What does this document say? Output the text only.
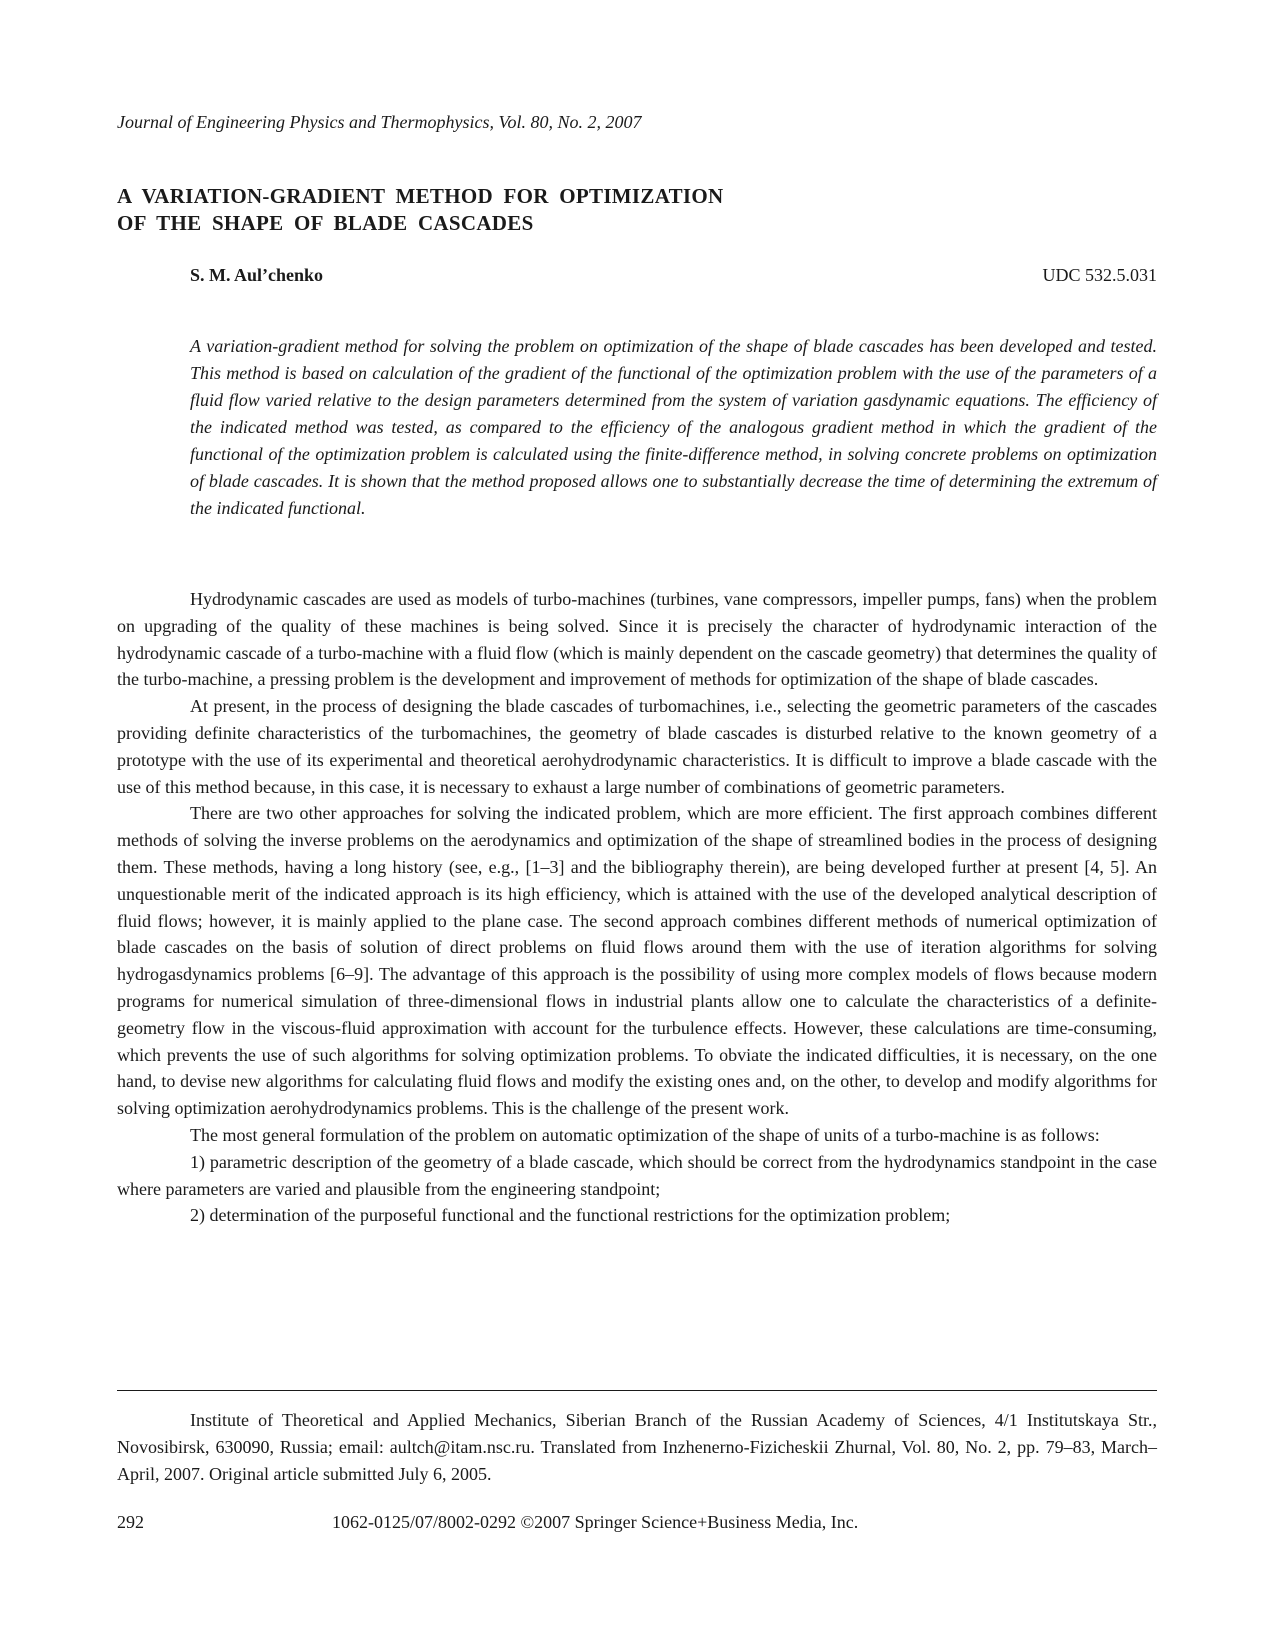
Journal of Engineering Physics and Thermophysics, Vol. 80, No. 2, 2007
A VARIATION-GRADIENT METHOD FOR OPTIMIZATION
OF THE SHAPE OF BLADE CASCADES
S. M. Aul’chenko	UDC 532.5.031

A variation-gradient method for solving the problem on optimization of the shape of blade cascades has been developed and tested. This method is based on calculation of the gradient of the functional of the optimization problem with the use of the parameters of a fluid flow varied relative to the design parameters determined from the system of variation gasdynamic equations. The efficiency of the indicated method was tested, as compared to the efficiency of the analogous gradient method in which the gradient of the functional of the optimization problem is calculated using the finite-difference method, in solving concrete problems on optimization of blade cascades. It is shown that the method proposed allows one to substantially decrease the time of determining the extremum of the indicated functional.

Hydrodynamic cascades are used as models of turbo-machines (turbines, vane compressors, impeller pumps, fans) when the problem on upgrading of the quality of these machines is being solved. Since it is precisely the character of hydrodynamic interaction of the hydrodynamic cascade of a turbo-machine with a fluid flow (which is mainly dependent on the cascade geometry) that determines the quality of the turbo-machine, a pressing problem is the development and improvement of methods for optimization of the shape of blade cascades.

At present, in the process of designing the blade cascades of turbomachines, i.e., selecting the geometric parameters of the cascades providing definite characteristics of the turbomachines, the geometry of blade cascades is disturbed relative to the known geometry of a prototype with the use of its experimental and theoretical aerohydrodynamic characteristics. It is difficult to improve a blade cascade with the use of this method because, in this case, it is necessary to exhaust a large number of combinations of geometric parameters.

There are two other approaches for solving the indicated problem, which are more efficient. The first approach combines different methods of solving the inverse problems on the aerodynamics and optimization of the shape of streamlined bodies in the process of designing them. These methods, having a long history (see, e.g., [1–3] and the bibliography therein), are being developed further at present [4, 5]. An unquestionable merit of the indicated approach is its high efficiency, which is attained with the use of the developed analytical description of fluid flows; however, it is mainly applied to the plane case. The second approach combines different methods of numerical optimization of blade cascades on the basis of solution of direct problems on fluid flows around them with the use of iteration algorithms for solving hydrogasdynamics problems [6–9]. The advantage of this approach is the possibility of using more complex models of flows because modern programs for numerical simulation of three-dimensional flows in industrial plants allow one to calculate the characteristics of a definite-geometry flow in the viscous-fluid approximation with account for the turbulence effects. However, these calculations are time-consuming, which prevents the use of such algorithms for solving optimization problems. To obviate the indicated difficulties, it is necessary, on the one hand, to devise new algorithms for calculating fluid flows and modify the existing ones and, on the other, to develop and modify algorithms for solving optimization aerohydrodynamics problems. This is the challenge of the present work.

The most general formulation of the problem on automatic optimization of the shape of units of a turbo-machine is as follows:

1) parametric description of the geometry of a blade cascade, which should be correct from the hydrodynamics standpoint in the case where parameters are varied and plausible from the engineering standpoint;

2) determination of the purposeful functional and the functional restrictions for the optimization problem;

Institute of Theoretical and Applied Mechanics, Siberian Branch of the Russian Academy of Sciences, 4/1 Institutskaya Str., Novosibirsk, 630090, Russia; email: aultch@itam.nsc.ru. Translated from Inzhenerno-Fizicheskii Zhurnal, Vol. 80, No. 2, pp. 79–83, March–April, 2007. Original article submitted July 6, 2005.

292	1062-0125/07/8002-0292 ©2007 Springer Science+Business Media, Inc.
